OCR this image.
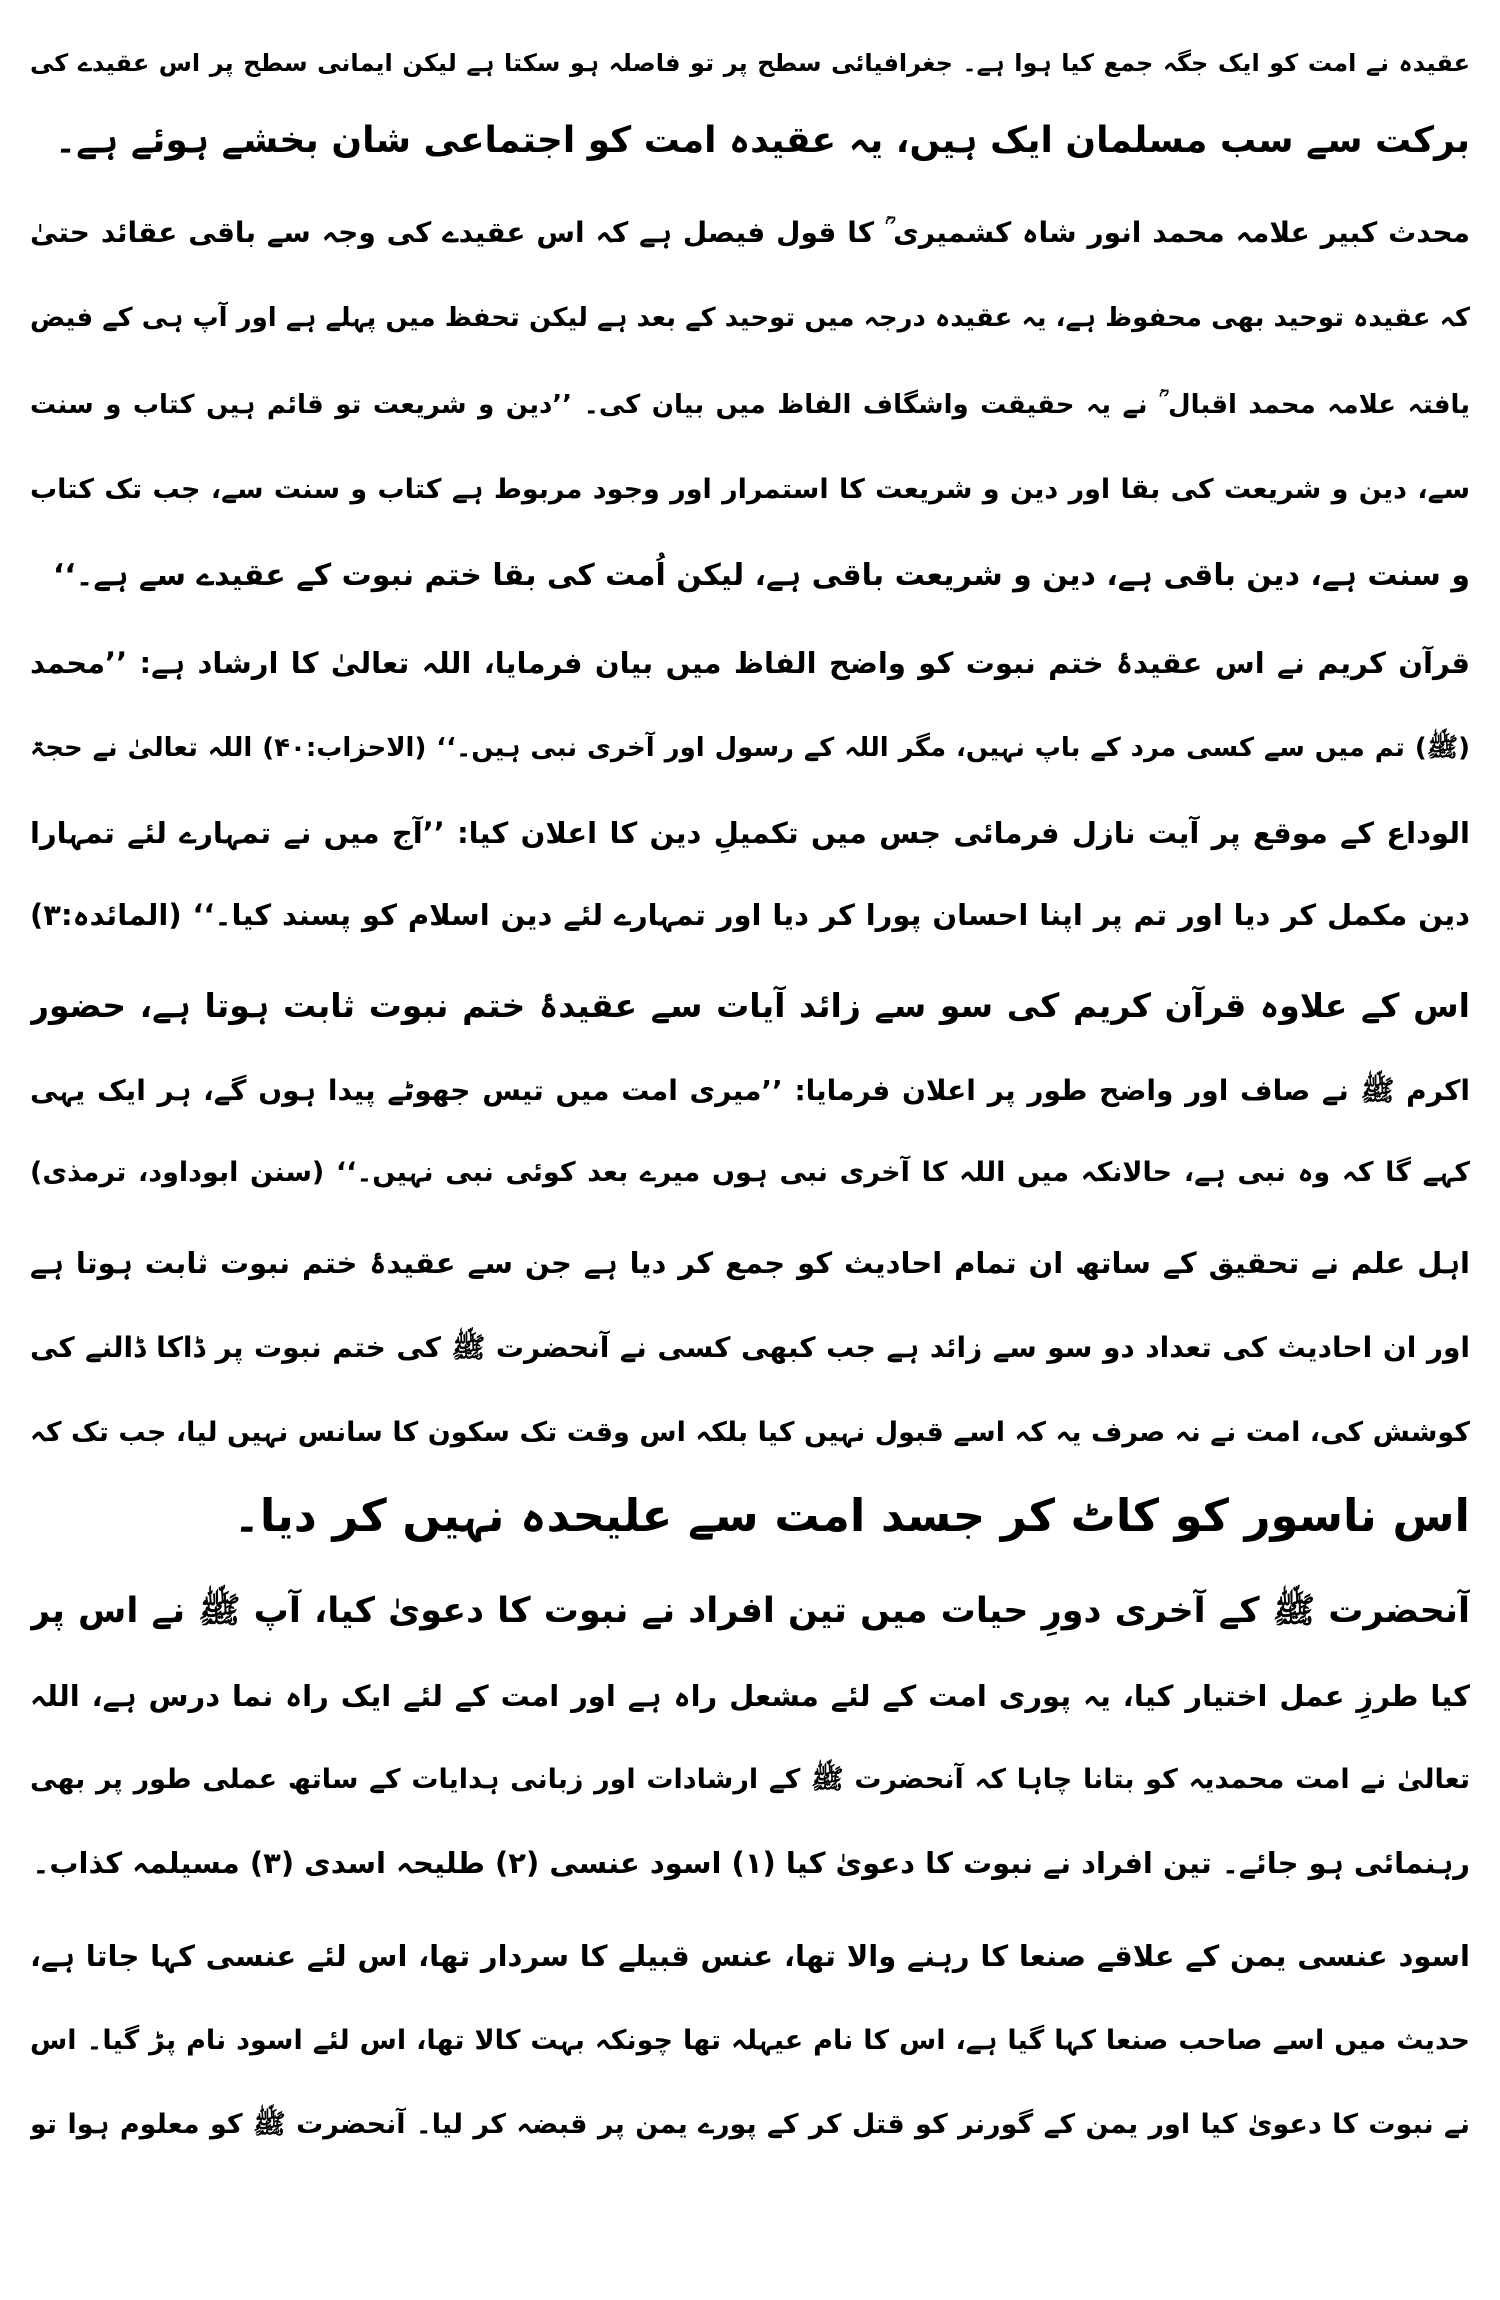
عقیدہ نے امت کو ایک جگہ جمع کیا ہوا ہے۔ جغرافیائی سطح پر تو فاصلہ ہو سکتا ہے لیکن ایمانی سطح پر اس عقیدے کی
برکت سے سب مسلمان ایک ہیں، یہ عقیدہ امت کو اجتماعی شان بخشے ہوئے ہے۔
محدث کبیر علامہ محمد انور شاہ کشمیری ؒ کا قول فیصل ہے کہ اس عقیدے کی وجہ سے باقی عقائد حتیٰ
کہ عقیدہ توحید بھی محفوظ ہے، یہ عقیدہ درجہ میں توحید کے بعد ہے لیکن تحفظ میں پہلے ہے اور آپ ہی کے فیض
یافتہ علامہ محمد اقبال ؒ نے یہ حقیقت واشگاف الفاظ میں بیان کی۔ ’’دین و شریعت تو قائم ہیں کتاب و سنت
سے، دین و شریعت کی بقا اور دین و شریعت کا استمرار اور وجود مربوط ہے کتاب و سنت سے، جب تک کتاب
و سنت ہے، دین باقی ہے، دین و شریعت باقی ہے، لیکن اُمت کی بقا ختم نبوت کے عقیدے سے ہے۔‘‘
قرآن کریم نے اس عقیدۂ ختم نبوت کو واضح الفاظ میں بیان فرمایا، اللہ تعالیٰ کا ارشاد ہے: ’’محمد
(ﷺ) تم میں سے کسی مرد کے باپ نہیں، مگر اللہ کے رسول اور آخری نبی ہیں۔‘‘ (الاحزاب:۴۰) اللہ تعالیٰ نے حجۃ
الوداع کے موقع پر آیت نازل فرمائی جس میں تکمیلِ دین کا اعلان کیا: ’’آج میں نے تمہارے لئے تمہارا
دین مکمل کر دیا اور تم پر اپنا احسان پورا کر دیا اور تمہارے لئے دین اسلام کو پسند کیا۔‘‘ (المائدہ:۳)
اس کے علاوہ قرآن کریم کی سو سے زائد آیات سے عقیدۂ ختم نبوت ثابت ہوتا ہے، حضور
اکرم ﷺ نے صاف اور واضح طور پر اعلان فرمایا: ’’میری امت میں تیس جھوٹے پیدا ہوں گے، ہر ایک یہی
کہے گا کہ وہ نبی ہے، حالانکہ میں اللہ کا آخری نبی ہوں میرے بعد کوئی نبی نہیں۔‘‘ (سنن ابوداود، ترمذی)
اہل علم نے تحقیق کے ساتھ ان تمام احادیث کو جمع کر دیا ہے جن سے عقیدۂ ختم نبوت ثابت ہوتا ہے
اور ان احادیث کی تعداد دو سو سے زائد ہے جب کبھی کسی نے آنحضرت ﷺ کی ختم نبوت پر ڈاکا ڈالنے کی
کوشش کی، امت نے نہ صرف یہ کہ اسے قبول نہیں کیا بلکہ اس وقت تک سکون کا سانس نہیں لیا، جب تک کہ
اس ناسور کو کاٹ کر جسد امت سے علیحدہ نہیں کر دیا۔
آنحضرت ﷺ کے آخری دورِ حیات میں تین افراد نے نبوت کا دعویٰ کیا، آپ ﷺ نے اس پر
کیا طرزِ عمل اختیار کیا، یہ پوری امت کے لئے مشعل راہ ہے اور امت کے لئے ایک راہ نما درس ہے، اللہ
تعالیٰ نے امت محمدیہ کو بتانا چاہا کہ آنحضرت ﷺ کے ارشادات اور زبانی ہدایات کے ساتھ عملی طور پر بھی
رہنمائی ہو جائے۔ تین افراد نے نبوت کا دعویٰ کیا (۱) اسود عنسی (۲) طلیحہ اسدی (۳) مسیلمہ کذاب۔
اسود عنسی یمن کے علاقے صنعا کا رہنے والا تھا، عنس قبیلے کا سردار تھا، اس لئے عنسی کہا جاتا ہے،
حدیث میں اسے صاحب صنعا کہا گیا ہے، اس کا نام عیہلہ تھا چونکہ بہت کالا تھا، اس لئے اسود نام پڑ گیا۔ اس
نے نبوت کا دعویٰ کیا اور یمن کے گورنر کو قتل کر کے پورے یمن پر قبضہ کر لیا۔ آنحضرت ﷺ کو معلوم ہوا تو
